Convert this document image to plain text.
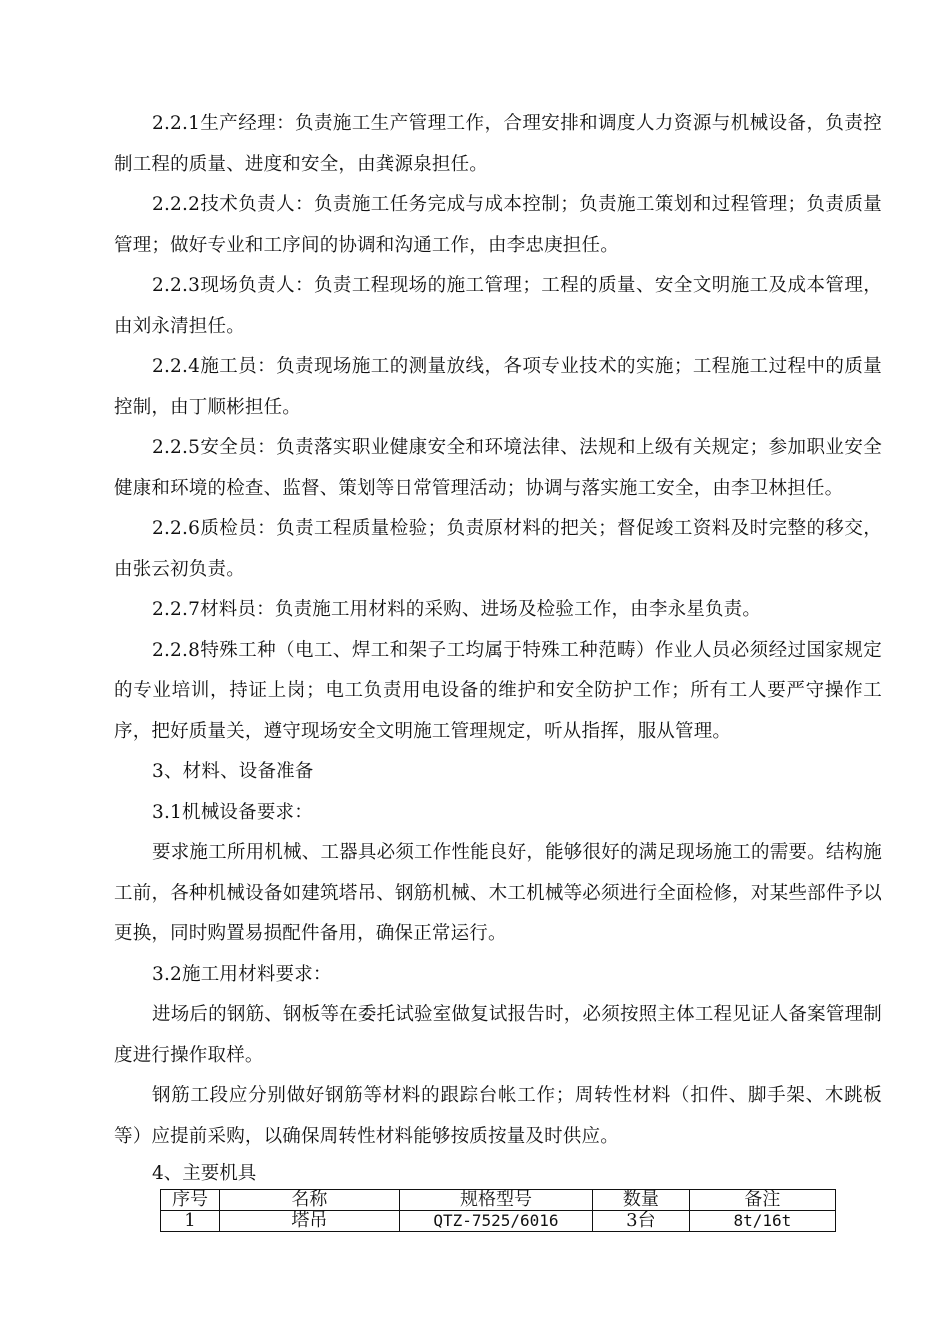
2.2.1生产经理：负责施工生产管理工作，合理安排和调度人力资源与机械设备，负责控制工程的质量、进度和安全，由龚源泉担任。

2.2.2技术负责人：负责施工任务完成与成本控制；负责施工策划和过程管理；负责质量管理；做好专业和工序间的协调和沟通工作，由李忠庚担任。

2.2.3现场负责人：负责工程现场的施工管理；工程的质量、安全文明施工及成本管理，由刘永清担任。

2.2.4施工员：负责现场施工的测量放线，各项专业技术的实施；工程施工过程中的质量控制，由丁顺彬担任。

2.2.5安全员：负责落实职业健康安全和环境法律、法规和上级有关规定；参加职业安全健康和环境的检查、监督、策划等日常管理活动；协调与落实施工安全，由李卫林担任。

2.2.6质检员：负责工程质量检验；负责原材料的把关；督促竣工资料及时完整的移交，由张云初负责。

2.2.7材料员：负责施工用材料的采购、进场及检验工作，由李永星负责。

2.2.8特殊工种（电工、焊工和架子工均属于特殊工种范畴）作业人员必须经过国家规定的专业培训，持证上岗；电工负责用电设备的维护和安全防护工作；所有工人要严守操作工序，把好质量关，遵守现场安全文明施工管理规定，听从指挥，服从管理。

3、材料、设备准备

3.1机械设备要求：

要求施工所用机械、工器具必须工作性能良好，能够很好的满足现场施工的需要。结构施工前，各种机械设备如建筑塔吊、钢筋机械、木工机械等必须进行全面检修，对某些部件予以更换，同时购置易损配件备用，确保正常运行。

3.2施工用材料要求：

进场后的钢筋、钢板等在委托试验室做复试报告时，必须按照主体工程见证人备案管理制度进行操作取样。

钢筋工段应分别做好钢筋等材料的跟踪台帐工作；周转性材料（扣件、脚手架、木跳板等）应提前采购，以确保周转性材料能够按质按量及时供应。

4、主要机具

序号	名称	规格型号	数量	备注
1	塔吊	QTZ-7525/6016	3台	8t/16t
